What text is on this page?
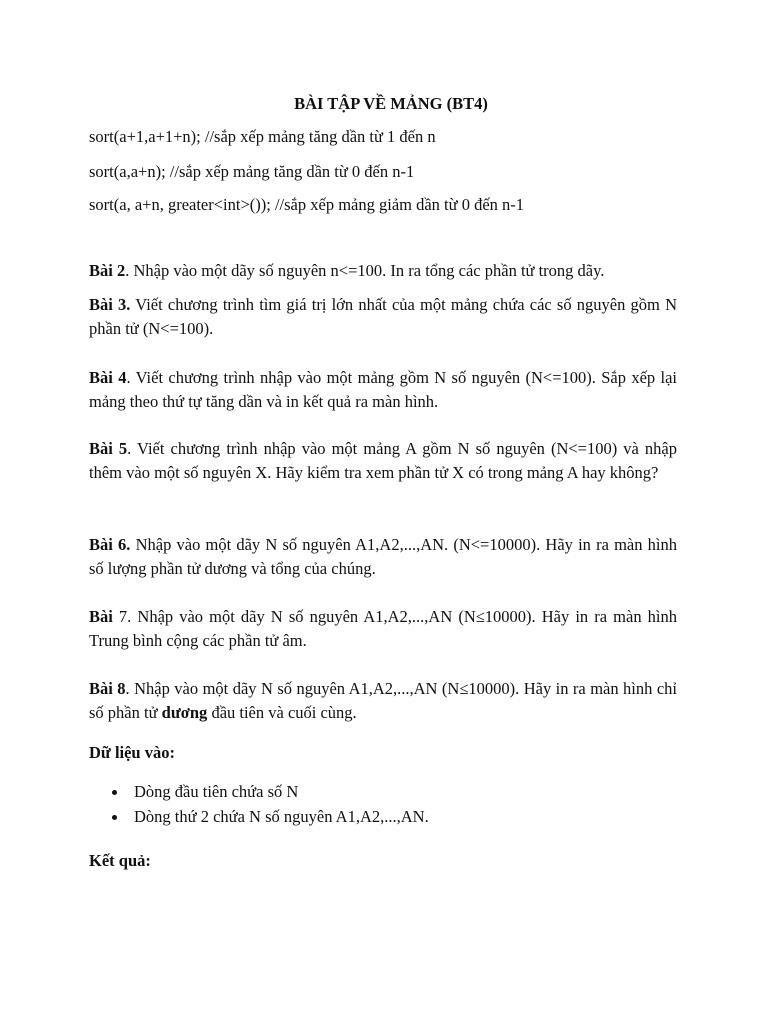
BÀI TẬP VỀ MẢNG (BT4)
sort(a+1,a+1+n); //sắp xếp mảng tăng dần từ 1 đến n
sort(a,a+n); //sắp xếp mảng tăng dần từ 0 đến n-1
sort(a, a+n, greater<int>()); //sắp xếp mảng giảm dần từ 0 đến n-1
Bài 2. Nhập vào một dãy số nguyên n<=100. In ra tổng các phần tử trong dãy.
Bài 3. Viết chương trình tìm giá trị lớn nhất của một mảng chứa các số nguyên gồm N phần tử (N<=100).
Bài 4. Viết chương trình nhập vào một mảng gồm N số nguyên (N<=100). Sắp xếp lại mảng theo thứ tự tăng dần và in kết quả ra màn hình.
Bài 5. Viết chương trình nhập vào một mảng A gồm N số nguyên (N<=100) và nhập thêm vào một số nguyên X. Hãy kiểm tra xem phần tử X có trong mảng A hay không?
Bài 6. Nhập vào một dãy N số nguyên A1,A2,...,AN. (N<=10000). Hãy in ra màn hình số lượng phần tử dương và tổng của chúng.
Bài 7. Nhập vào một dãy N số nguyên A1,A2,...,AN (N≤10000). Hãy in ra màn hình Trung bình cộng các phần tử âm.
Bài 8. Nhập vào một dãy N số nguyên A1,A2,...,AN (N≤10000). Hãy in ra màn hình chỉ số phần tử dương đầu tiên và cuối cùng.
Dữ liệu vào:
Dòng đầu tiên chứa số N
Dòng thứ 2 chứa N số nguyên A1,A2,...,AN.
Kết quả:
